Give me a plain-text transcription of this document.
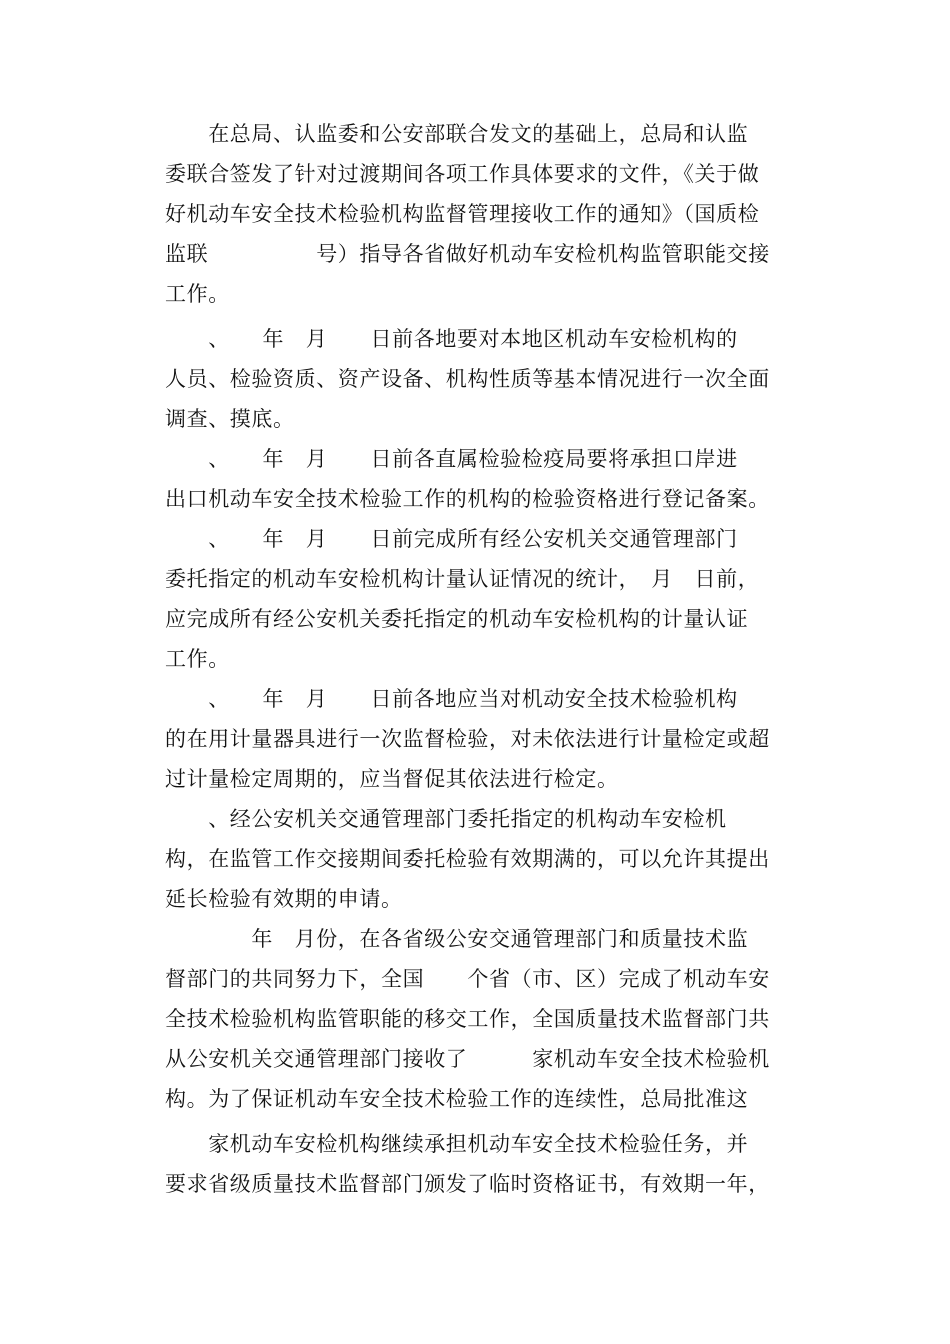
　　在总局、认监委和公安部联合发文的基础上，总局和认监
委联合签发了针对过渡期间各项工作具体要求的文件，《关于做
好机动车安全技术检验机构监督管理接收工作的通知》（国质检
监联　　　　　号）指导各省做好机动车安检机构监管职能交接
工作。
　　、　　年　月　　日前各地要对本地区机动车安检机构的
人员、检验资质、资产设备、机构性质等基本情况进行一次全面
调查、摸底。
　　、　　年　月　　日前各直属检验检疫局要将承担口岸进
出口机动车安全技术检验工作的机构的检验资格进行登记备案。
　　、　　年　月　　日前完成所有经公安机关交通管理部门
委托指定的机动车安检机构计量认证情况的统计，　月　日前，
应完成所有经公安机关委托指定的机动车安检机构的计量认证
工作。
　　、　　年　月　　日前各地应当对机动安全技术检验机构
的在用计量器具进行一次监督检验，对未依法进行计量检定或超
过计量检定周期的，应当督促其依法进行检定。
　　、经公安机关交通管理部门委托指定的机构动车安检机
构，在监管工作交接期间委托检验有效期满的，可以允许其提出
延长检验有效期的申请。
　　　　年　月份，在各省级公安交通管理部门和质量技术监
督部门的共同努力下，全国　　个省（市、区）完成了机动车安
全技术检验机构监管职能的移交工作，全国质量技术监督部门共
从公安机关交通管理部门接收了　　　家机动车安全技术检验机
构。为了保证机动车安全技术检验工作的连续性，总局批准这
　　家机动车安检机构继续承担机动车安全技术检验任务，并
要求省级质量技术监督部门颁发了临时资格证书，有效期一年，
